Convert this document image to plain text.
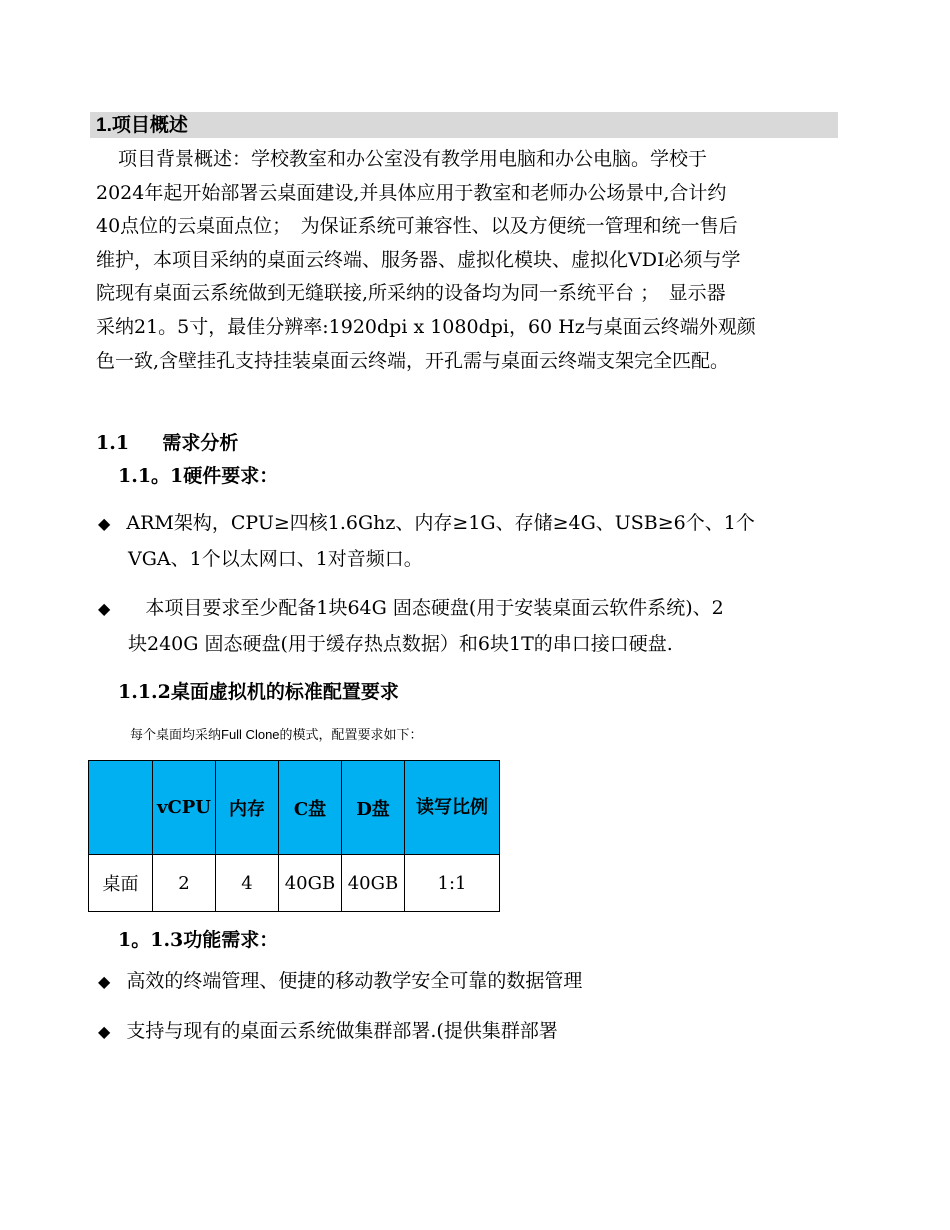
1.项目概述

项目背景概述：学校教室和办公室没有教学用电脑和办公电脑。学校于

2024年起开始部署云桌面建设,并具体应用于教室和老师办公场景中,合计约

40点位的云桌面点位；　为保证系统可兼容性、以及方便统一管理和统一售后

维护，本项目采纳的桌面云终端、服务器、虚拟化模块、虚拟化VDI必须与学

院现有桌面云系统做到无缝联接,所采纳的设备均为同一系统平台 ；　显示器

采纳21。5寸，最佳分辨率:1920dpi x 1080dpi，60 Hz与桌面云终端外观颜

色一致,含壁挂孔支持挂装桌面云终端，开孔需与桌面云终端支架完全匹配。

1.1 需求分析
1.1。1硬件要求：
◆ ARM架构，CPU≥四核1.6Ghz、内存≥1G、存储≥4G、USB≥6个、1个
VGA、1个以太网口、1对音频口。
◆ 　本项目要求至少配备1块64G 固态硬盘(用于安装桌面云软件系统)、2
块240G 固态硬盘(用于缓存热点数据）和6块1T的串口接口硬盘.
1.1.2桌面虚拟机的标准配置要求
每个桌面均采纳Full Clone的模式，配置要求如下：
	vCPU	内存	C盘	D盘	读写比例
桌面	2	4	40GB	40GB	1:1
1。1.3功能需求：
◆ 高效的终端管理、便捷的移动教学安全可靠的数据管理
◆ 支持与现有的桌面云系统做集群部署.(提供集群部署
